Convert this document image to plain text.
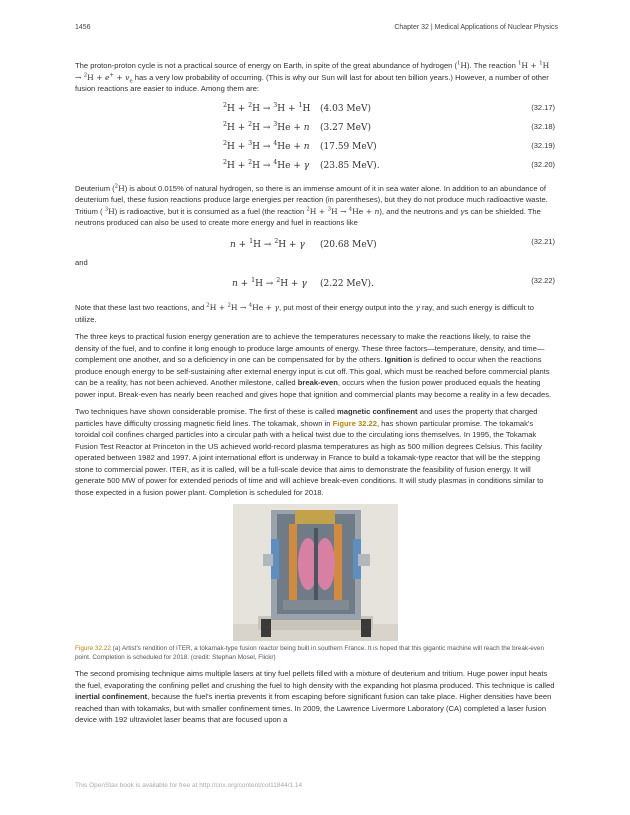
1456	Chapter 32 | Medical Applications of Nuclear Physics

The proton-proton cycle is not a practical source of energy on Earth, in spite of the great abundance of hydrogen ($^1$H). The reaction $^1H + ^1H \to ^2H + e^+ + v_e$ has a very low probability of occurring. (This is why our Sun will last for about ten billion years.) However, a number of other fusion reactions are easier to induce. Among them are:

$^2$H + $^2$H → $^3$H + $^1$H (4.03 MeV)	(32.17)
$^2$H + $^2$H → $^3$He + n (3.27 MeV)	(32.18)
$^2$H + $^3$H → $^4$He + n (17.59 MeV)	(32.19)
$^2$H + $^2$H → $^4$He + γ (23.85 MeV).	(32.20)

Deuterium ($^2$H) is about 0.015% of natural hydrogen, so there is an immense amount of it in sea water alone. In addition to an abundance of deuterium fuel, these fusion reactions produce large energies per reaction (in parentheses), but they do not produce much radioactive waste. Tritium ( $^3$H) is radioactive, but it is consumed as a fuel (the reaction $^2$H + $^3$H → $^4$He + n), and the neutrons and γs can be shielded. The neutrons produced can also be used to create more energy and fuel in reactions like

n + $^1$H → $^2$H + γ (20.68 MeV)	(32.21)

and

n + $^1$H → $^2$H + γ (2.22 MeV).	(32.22)

Note that these last two reactions, and $^2$H + $^2$H → $^4$He + γ, put most of their energy output into the γ ray, and such energy is difficult to utilize.

The three keys to practical fusion energy generation are to achieve the temperatures necessary to make the reactions likely, to raise the density of the fuel, and to confine it long enough to produce large amounts of energy. These three factors—temperature, density, and time—complement one another, and so a deficiency in one can be compensated for by the others. Ignition is defined to occur when the reactions produce enough energy to be self-sustaining after external energy input is cut off. This goal, which must be reached before commercial plants can be a reality, has not been achieved. Another milestone, called break-even, occurs when the fusion power produced equals the heating power input. Break-even has nearly been reached and gives hope that ignition and commercial plants may become a reality in a few decades.

Two techniques have shown considerable promise. The first of these is called magnetic confinement and uses the property that charged particles have difficulty crossing magnetic field lines. The tokamak, shown in Figure 32.22, has shown particular promise. The tokamak's toroidal coil confines charged particles into a circular path with a helical twist due to the circulating ions themselves. In 1995, the Tokamak Fusion Test Reactor at Princeton in the US achieved world-record plasma temperatures as high as 500 million degrees Celsius. This facility operated between 1982 and 1997. A joint international effort is underway in France to build a tokamak-type reactor that will be the stepping stone to commercial power. ITER, as it is called, will be a full-scale device that aims to demonstrate the feasibility of fusion energy. It will generate 500 MW of power for extended periods of time and will achieve break-even conditions. It will study plasmas in conditions similar to those expected in a fusion power plant. Completion is scheduled for 2018.

Figure 32.22 (a) Artist's rendition of ITER, a tokamak-type fusion reactor being built in southern France. It is hoped that this gigantic machine will reach the break-even point. Completion is scheduled for 2018. (credit: Stephan Mosel, Flickr)

The second promising technique aims multiple lasers at tiny fuel pellets filled with a mixture of deuterium and tritium. Huge power input heats the fuel, evaporating the confining pellet and crushing the fuel to high density with the expanding hot plasma produced. This technique is called inertial confinement, because the fuel's inertia prevents it from escaping before significant fusion can take place. Higher densities have been reached than with tokamaks, but with smaller confinement times. In 2009, the Lawrence Livermore Laboratory (CA) completed a laser fusion device with 192 ultraviolet laser beams that are focused upon a

This OpenStax book is available for free at http://cnx.org/content/col11844/1.14
